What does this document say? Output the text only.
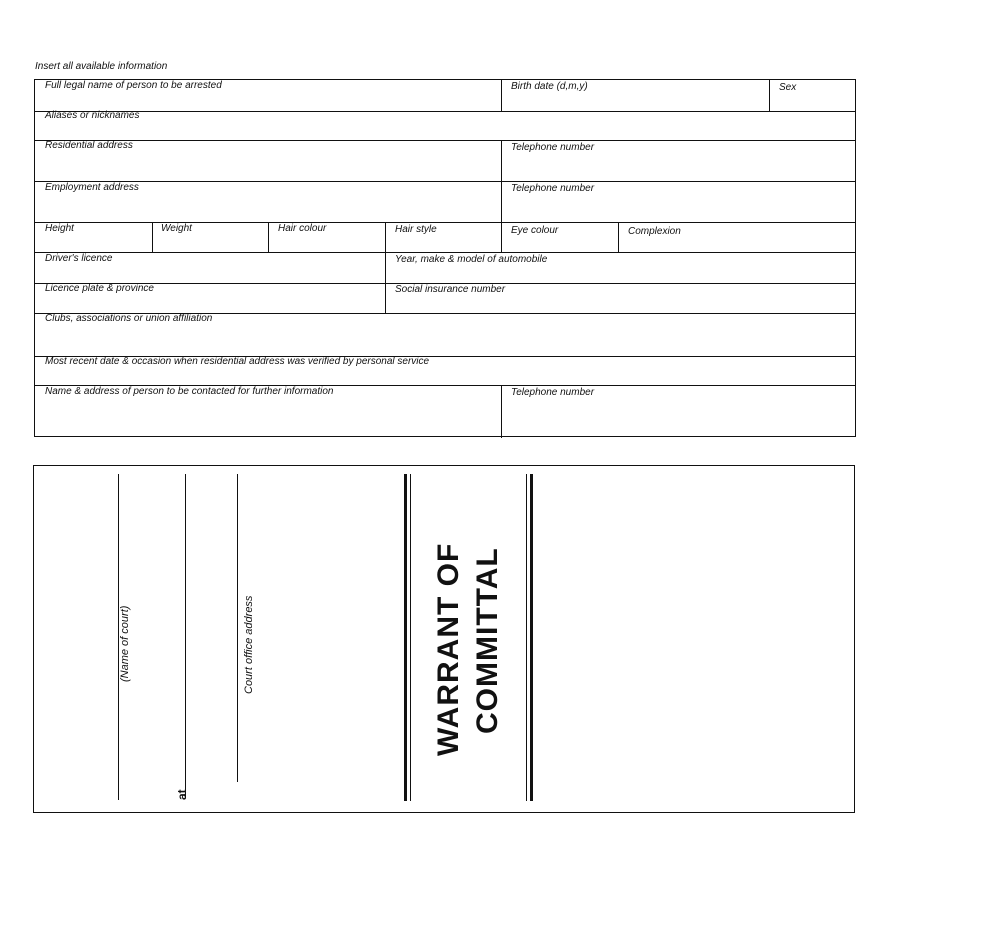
Insert all available information
Full legal name of person to be arrested	Birth date (d,m,y)	Sex
Aliases or nicknames
Residential address	Telephone number
Employment address	Telephone number
Height	Weight	Hair colour	Hair style	Eye colour	Complexion
Driver's licence	Year, make & model of automobile
Licence plate & province	Social insurance number
Clubs, associations or union affiliation
Most recent date & occasion when residential address was verified by personal service
Name & address of person to be contacted for further information	Telephone number
(Name of court)
at
Court office address	WARRANT OF COMMITTAL
